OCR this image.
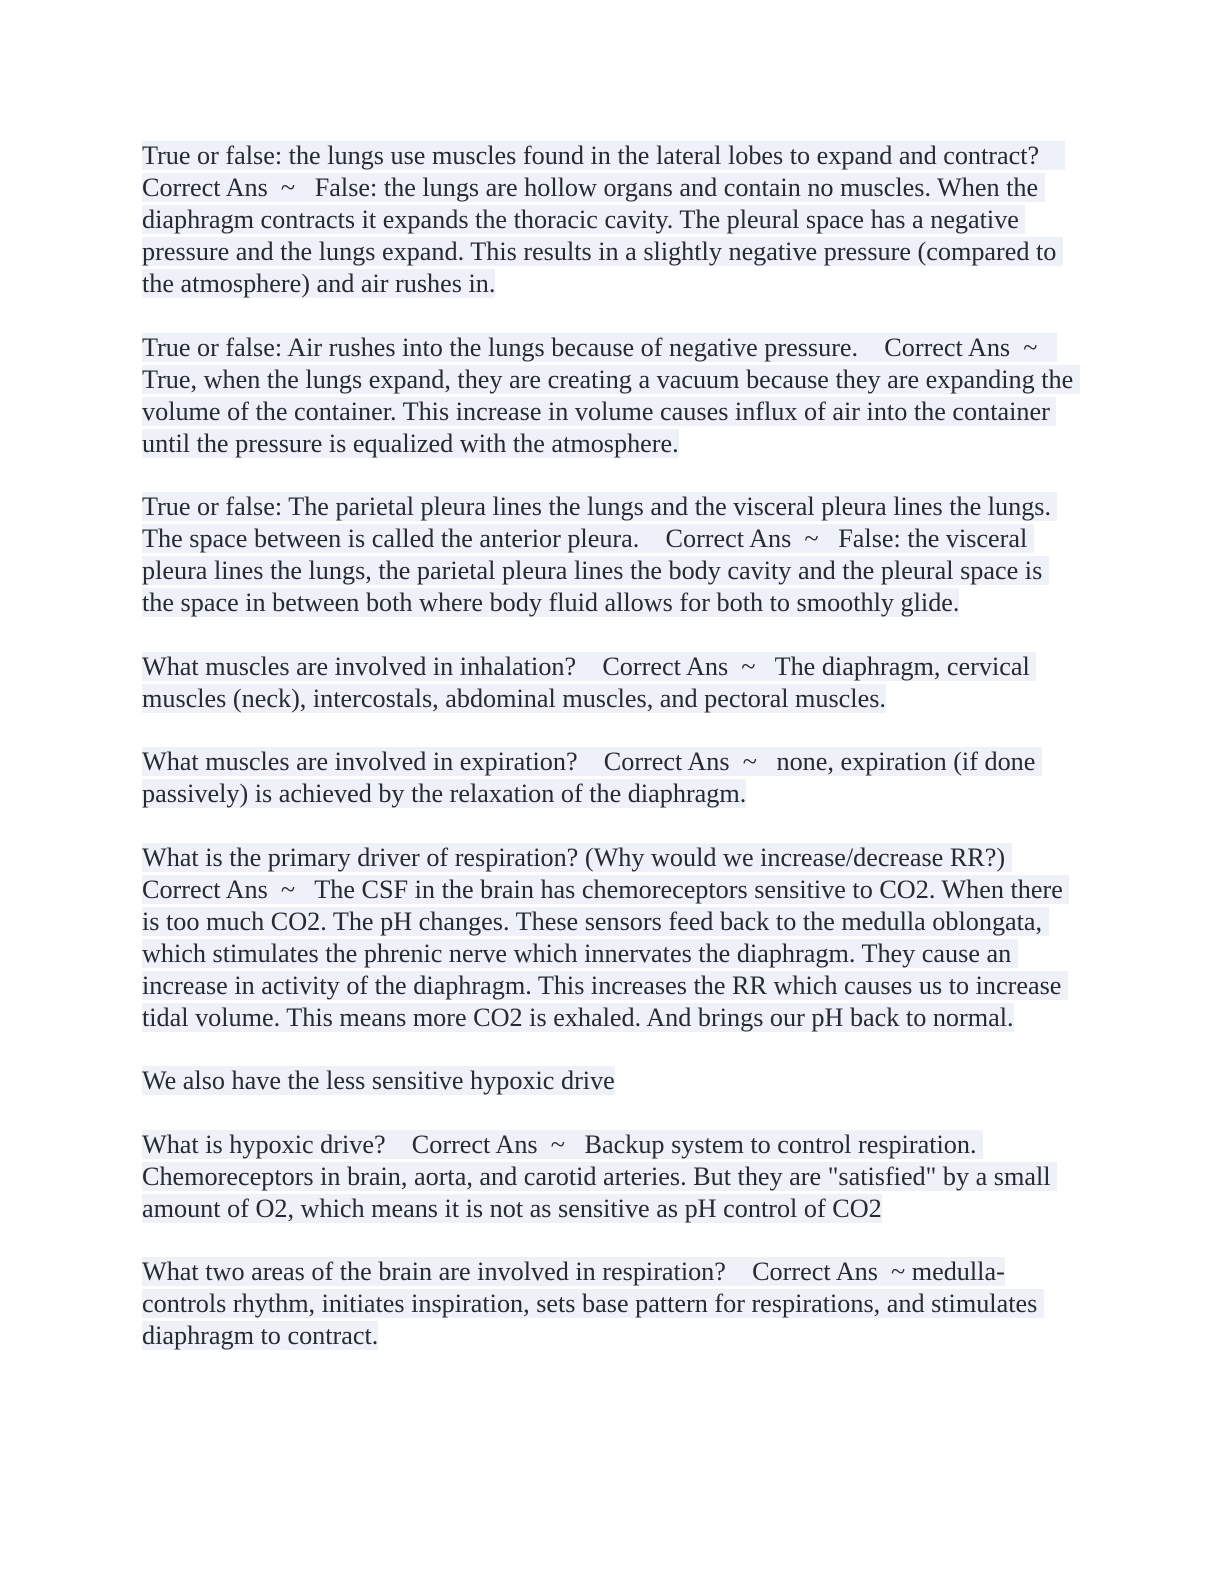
True or false: the lungs use muscles found in the lateral lobes to expand and contract?    Correct Ans  ~   False: the lungs are hollow organs and contain no muscles. When the diaphragm contracts it expands the thoracic cavity. The pleural space has a negative pressure and the lungs expand. This results in a slightly negative pressure (compared to the atmosphere) and air rushes in.

True or false: Air rushes into the lungs because of negative pressure.    Correct Ans  ~   True, when the lungs expand, they are creating a vacuum because they are expanding the volume of the container. This increase in volume causes influx of air into the container until the pressure is equalized with the atmosphere.

True or false: The parietal pleura lines the lungs and the visceral pleura lines the lungs. The space between is called the anterior pleura.    Correct Ans  ~   False: the visceral pleura lines the lungs, the parietal pleura lines the body cavity and the pleural space is the space in between both where body fluid allows for both to smoothly glide.

What muscles are involved in inhalation?    Correct Ans  ~   The diaphragm, cervical muscles (neck), intercostals, abdominal muscles, and pectoral muscles.

What muscles are involved in expiration?    Correct Ans  ~   none, expiration (if done passively) is achieved by the relaxation of the diaphragm.

What is the primary driver of respiration? (Why would we increase/decrease RR?) Correct Ans  ~   The CSF in the brain has chemoreceptors sensitive to CO2. When there is too much CO2. The pH changes. These sensors feed back to the medulla oblongata, which stimulates the phrenic nerve which innervates the diaphragm. They cause an increase in activity of the diaphragm. This increases the RR which causes us to increase tidal volume. This means more CO2 is exhaled. And brings our pH back to normal.

We also have the less sensitive hypoxic drive

What is hypoxic drive?    Correct Ans  ~   Backup system to control respiration. Chemoreceptors in brain, aorta, and carotid arteries. But they are "satisfied" by a small amount of O2, which means it is not as sensitive as pH control of CO2

What two areas of the brain are involved in respiration?    Correct Ans  ~ medulla-controls rhythm, initiates inspiration, sets base pattern for respirations, and stimulates diaphragm to contract.
